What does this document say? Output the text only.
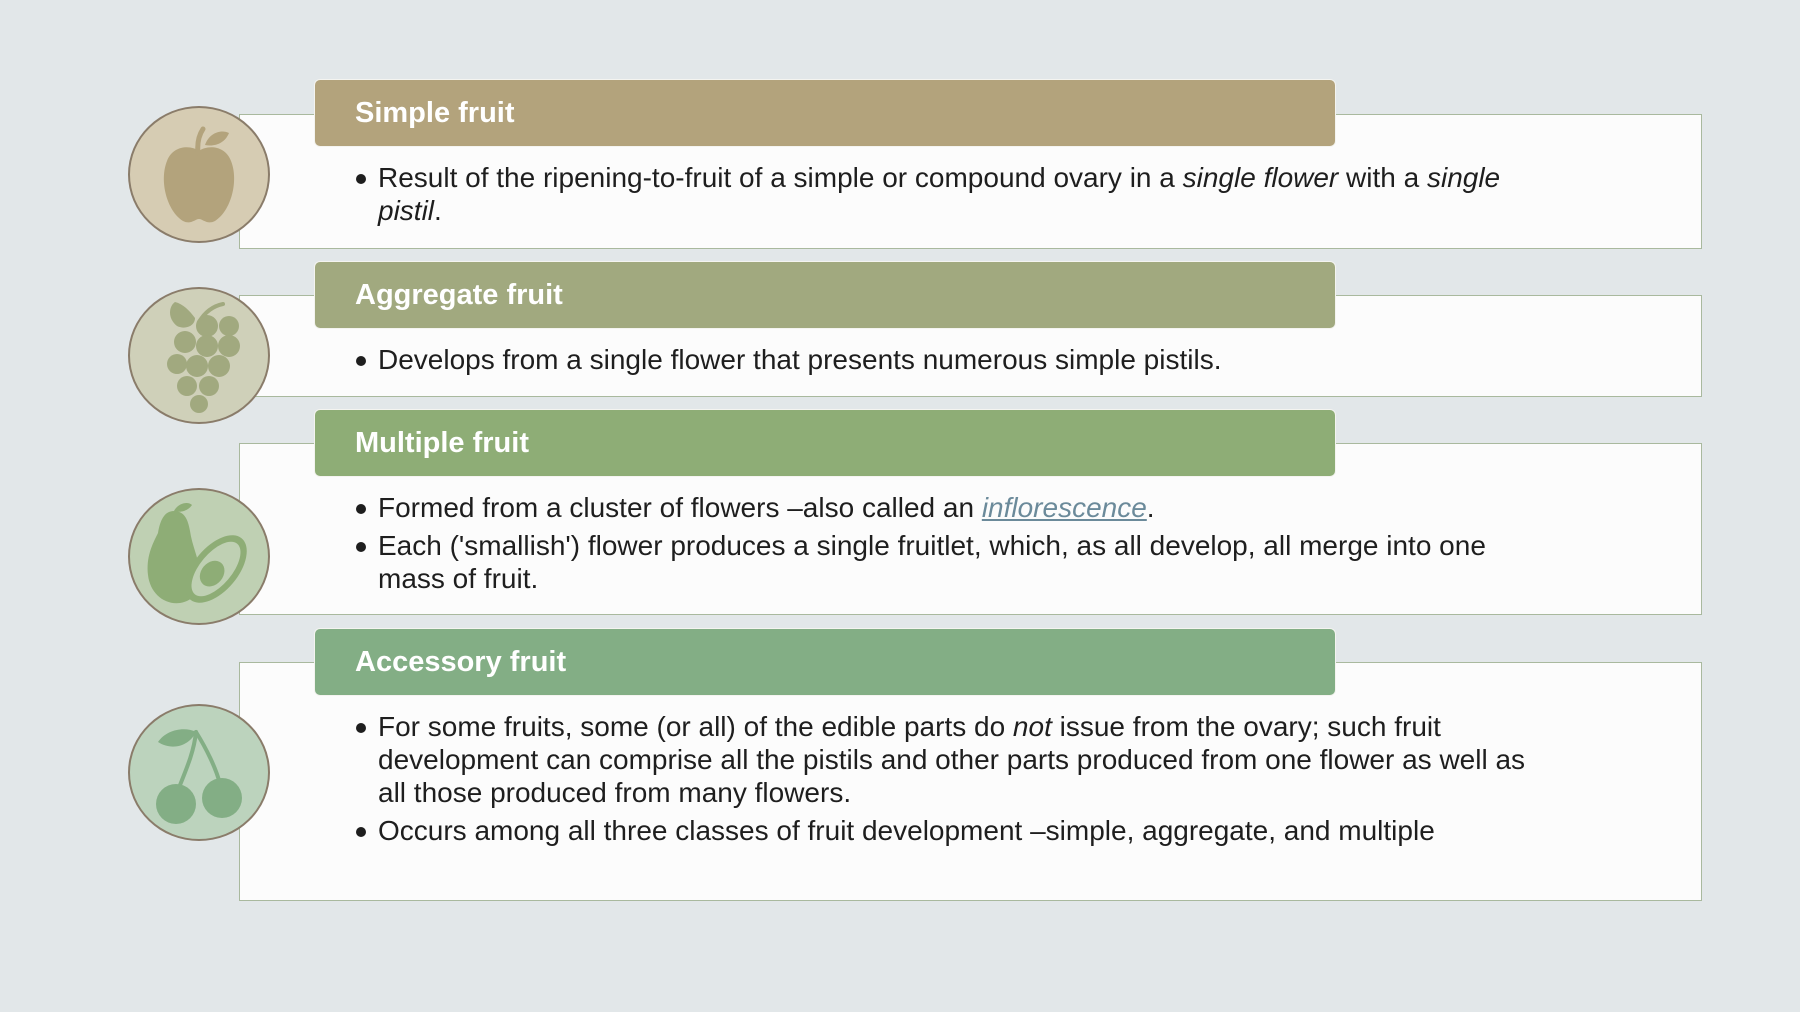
Simple fruit
Result of the ripening-to-fruit of a simple or compound ovary in a single flower with a single pistil.
Aggregate fruit
Develops from a single flower that presents numerous simple pistils.
Multiple fruit
Formed from a cluster of flowers –also called an inflorescence.
Each ('smallish') flower produces a single fruitlet, which, as all develop, all merge into one mass of fruit.
Accessory fruit
For some fruits, some (or all) of the edible parts do not issue from the ovary; such fruit development can comprise all the pistils and other parts produced from one flower as well as all those produced from many flowers.
Occurs among all three classes of fruit development –simple, aggregate, and multiple
